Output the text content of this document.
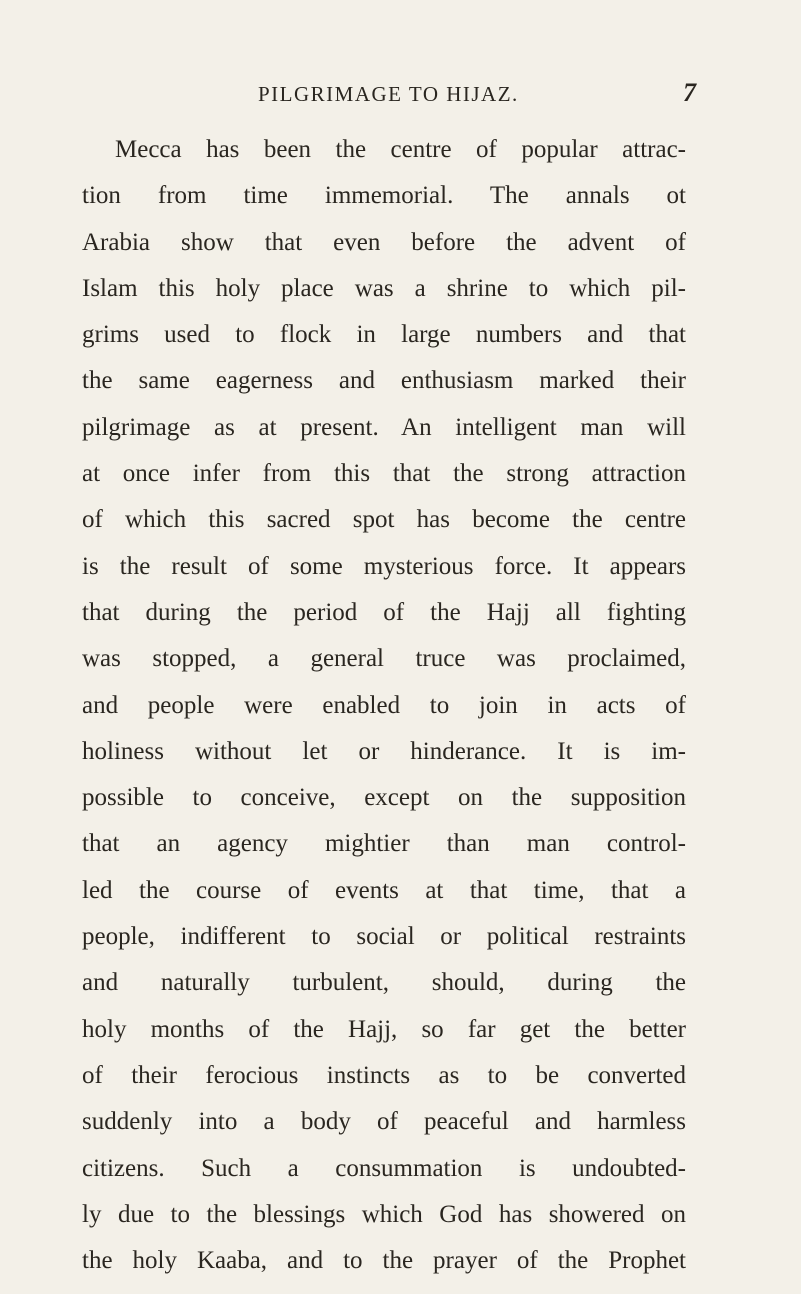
PILGRIMAGE TO HIJAZ.	7
Mecca has been the centre of popular attrac-
tion from time immemorial. The annals ot
Arabia show that even before the advent of
Islam this holy place was a shrine to which pil-
grims used to flock in large numbers and that
the same eagerness and enthusiasm marked their
pilgrimage as at present. An intelligent man will
at once infer from this that the strong attraction
of which this sacred spot has become the centre
is the result of some mysterious force. It appears
that during the period of the Hajj all fighting
was stopped, a general truce was proclaimed,
and people were enabled to join in acts of
holiness without let or hinderance. It is im-
possible to conceive, except on the supposition
that an agency mightier than man control-
led the course of events at that time, that a
people, indifferent to social or political restraints
and naturally turbulent, should, during the
holy months of the Hajj, so far get the better
of their ferocious instincts as to be converted
suddenly into a body of peaceful and harmless
citizens. Such a consummation is undoubted-
ly due to the blessings which God has showered on
the holy Kaaba, and to the prayer of the Prophet
